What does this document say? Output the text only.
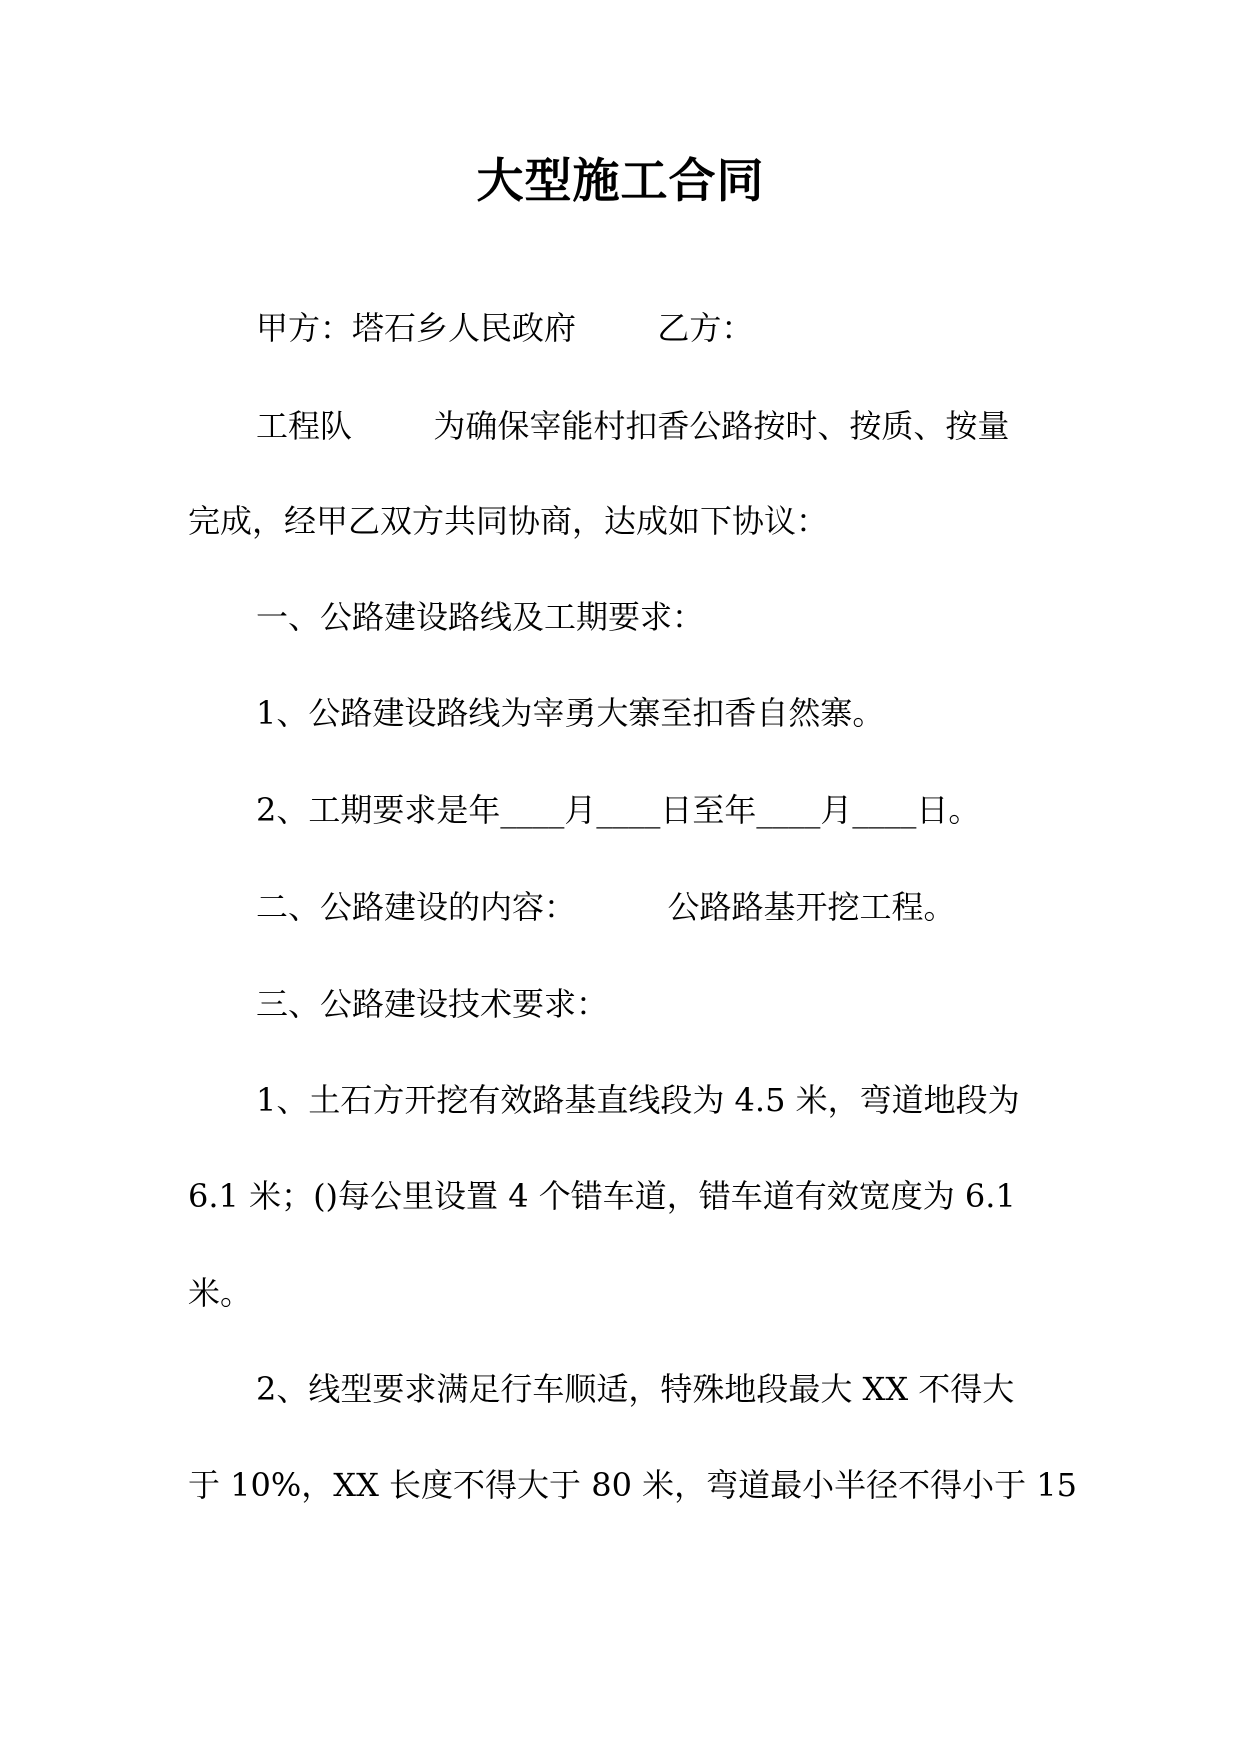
大型施工合同

甲方：塔石乡人民政府        乙方：

工程队        为确保宰能村扣香公路按时、按质、按量

完成，经甲乙双方共同协商，达成如下协议：

一、公路建设路线及工期要求：

1、公路建设路线为宰勇大寨至扣香自然寨。

2、工期要求是年____月____日至年____月____日。

二、公路建设的内容：         公路路基开挖工程。

三、公路建设技术要求：

1、土石方开挖有效路基直线段为 4.5 米，弯道地段为

6.1 米；()每公里设置 4 个错车道，错车道有效宽度为 6.1

米。

2、线型要求满足行车顺适，特殊地段最大 XX 不得大

于 10%，XX 长度不得大于 80 米，弯道最小半径不得小于 15
